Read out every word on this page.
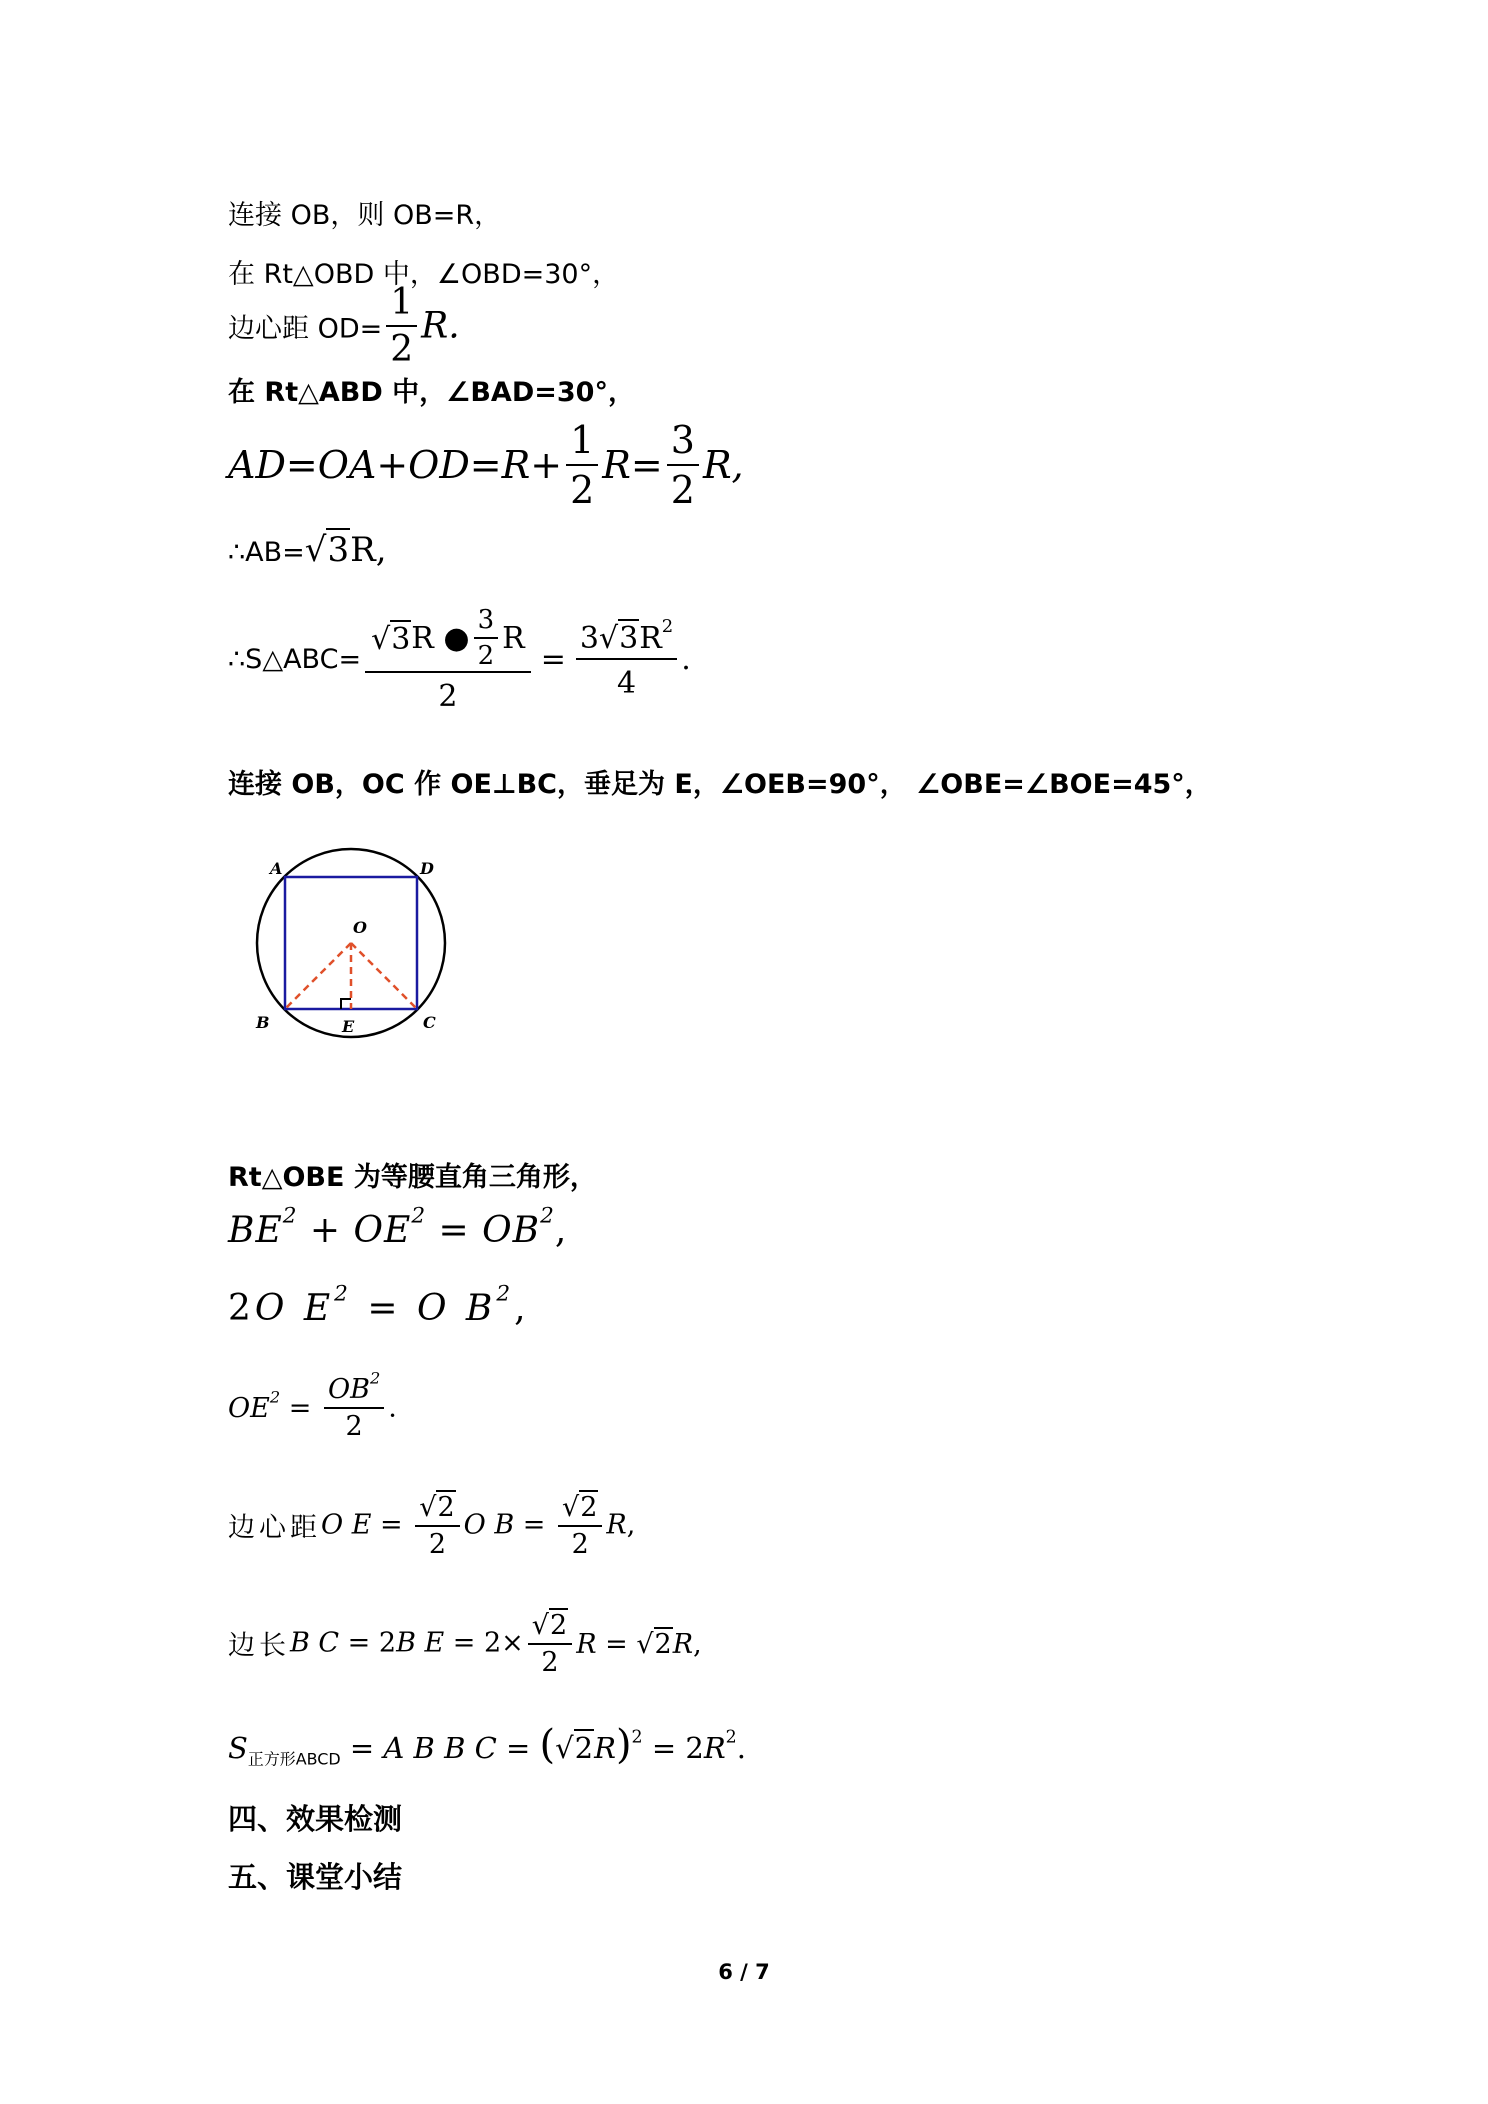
连接 OB，则 OB=R，
在 Rt△OBD 中，∠OBD=30°，
边心距 $OD= \frac{1}{2} R$.
在 Rt△ABD 中，∠BAD=30°，
$AD=OA+OD=R+ \frac{1}{2} R= \frac{3}{2} R$,
∴AB= √ 3 R,
∴S△ABC= $\frac{√ 3 R ● \frac{3}{2} R}{2} = \frac{3 √ 3 R^2}{4}$ .
连接 OB，OC 作 OE⊥BC，垂足为 E，∠OEB=90°， ∠OBE=∠BOE=45°，
A	D
O
B	E	C
Rt△OBE 为等腰直角三角形，
$BE^2 + OE^2 = OB^2$,
2O $E^2 = O$ $B^2$,
$OE^2 = \frac{OB^2}{2}$ .
边心距O $E = \frac{√ 2}{2}$ O $B = \frac{√ 2}{2} R$,
边长B C = 2B $E = 2\times \frac{√ 2}{2}$ R = √ 2 R,
$S_{正方形ABCD} = A$ B B C = ( √ 2 $R)^2 = 2R^2$.
四、效果检测
五、课堂小结
6 / 7
